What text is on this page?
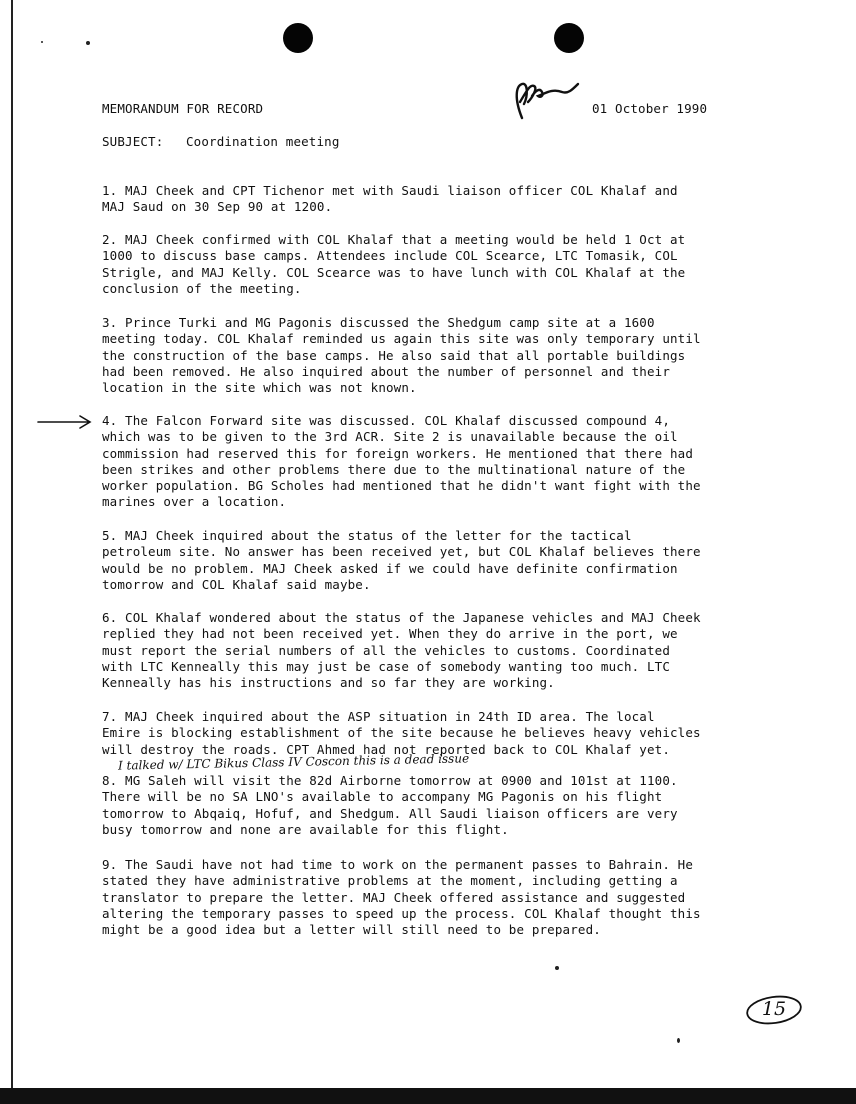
MEMORANDUM FOR RECORD	01 October 1990
SUBJECT: Coordination meeting
1. MAJ Cheek and CPT Tichenor met with Saudi liaison officer COL Khalaf and
MAJ Saud on 30 Sep 90 at 1200.
2. MAJ Cheek confirmed with COL Khalaf that a meeting would be held 1 Oct at
1000 to discuss base camps. Attendees include COL Scearce, LTC Tomasik, COL
Strigle, and MAJ Kelly. COL Scearce was to have lunch with COL Khalaf at the
conclusion of the meeting.
3. Prince Turki and MG Pagonis discussed the Shedgum camp site at a 1600
meeting today. COL Khalaf reminded us again this site was only temporary until
the construction of the base camps. He also said that all portable buildings
had been removed. He also inquired about the number of personnel and their
location in the site which was not known.
4. The Falcon Forward site was discussed. COL Khalaf discussed compound 4,
which was to be given to the 3rd ACR. Site 2 is unavailable because the oil
commission had reserved this for foreign workers. He mentioned that there had
been strikes and other problems there due to the multinational nature of the
worker population. BG Scholes had mentioned that he didn't want fight with the
marines over a location.
5. MAJ Cheek inquired about the status of the letter for the tactical
petroleum site. No answer has been received yet, but COL Khalaf believes there
would be no problem. MAJ Cheek asked if we could have definite confirmation
tomorrow and COL Khalaf said maybe.
6. COL Khalaf wondered about the status of the Japanese vehicles and MAJ Cheek
replied they had not been received yet. When they do arrive in the port, we
must report the serial numbers of all the vehicles to customs. Coordinated
with LTC Kenneally this may just be case of somebody wanting too much. LTC
Kenneally has his instructions and so far they are working.
7. MAJ Cheek inquired about the ASP situation in 24th ID area. The local
Emire is blocking establishment of the site because he believes heavy vehicles
will destroy the roads. CPT Ahmed had not reported back to COL Khalaf yet.
I talked w/ LTC Bikus Class IV Coscon this is a dead issue
8. MG Saleh will visit the 82d Airborne tomorrow at 0900 and 101st at 1100.
There will be no SA LNO's available to accompany MG Pagonis on his flight
tomorrow to Abqaiq, Hofuf, and Shedgum. All Saudi liaison officers are very
busy tomorrow and none are available for this flight.
9. The Saudi have not had time to work on the permanent passes to Bahrain. He
stated they have administrative problems at the moment, including getting a
translator to prepare the letter. MAJ Cheek offered assistance and suggested
altering the temporary passes to speed up the process. COL Khalaf thought this
might be a good idea but a letter will still need to be prepared.
15
